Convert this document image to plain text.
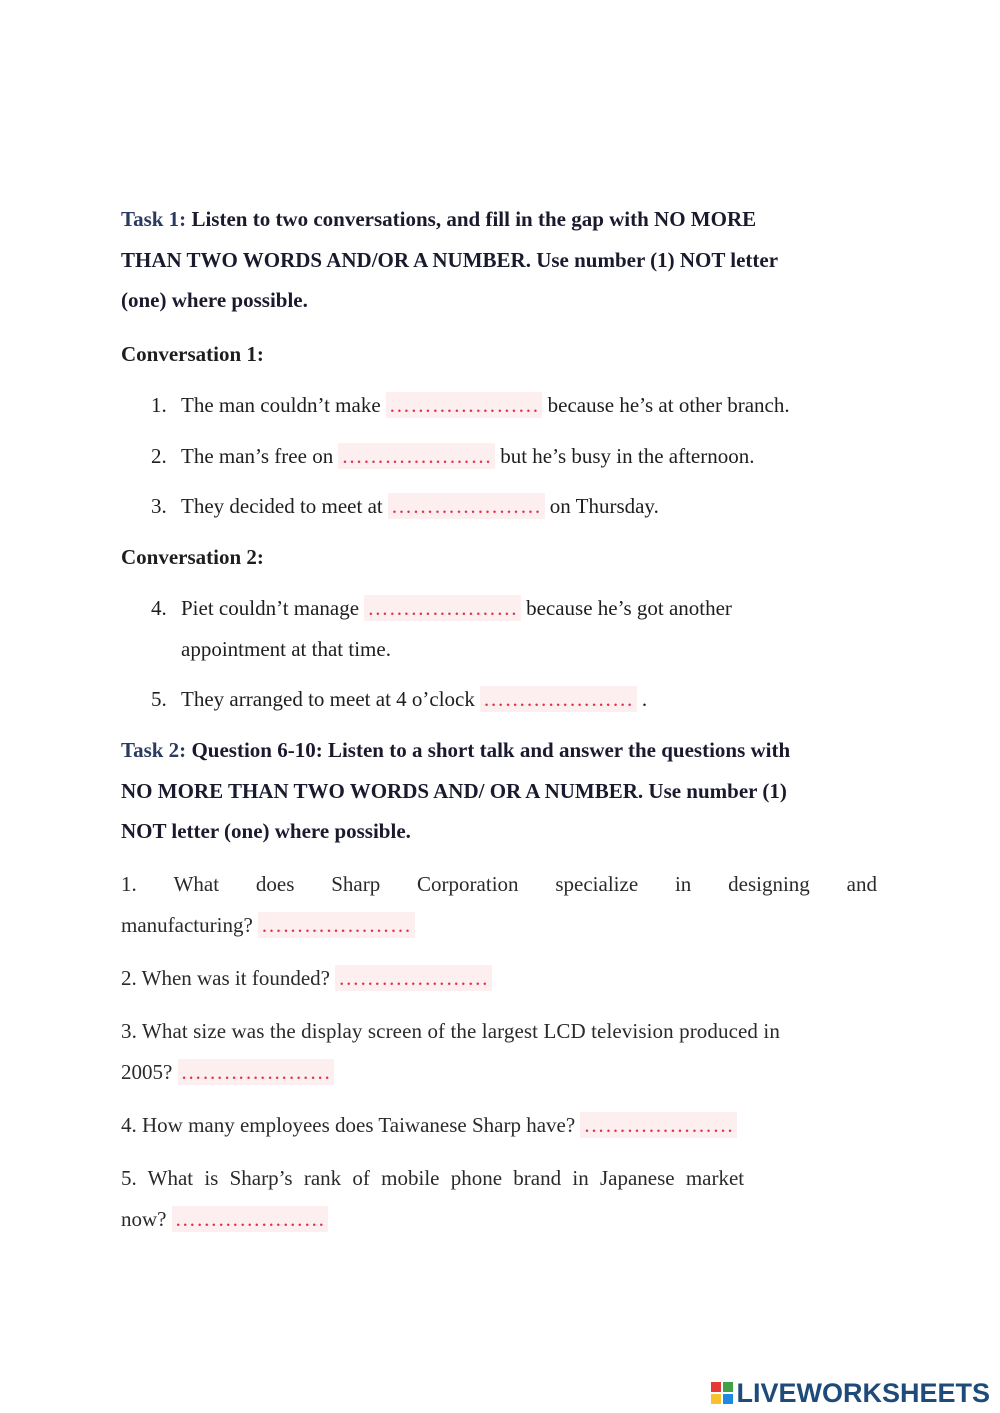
Task 1: Listen to two conversations, and fill in the gap with NO MORE
THAN TWO WORDS AND/OR A NUMBER. Use number (1) NOT letter
(one) where possible.
Conversation 1:
1. The man couldn’t make ………………… because he’s at other branch.
2. The man’s free on ………………… but he’s busy in the afternoon.
3. They decided to meet at ………………… on Thursday.
Conversation 2:
4. Piet couldn’t manage ………………… because he’s got another
appointment at that time.
5. They arranged to meet at 4 o’clock ………………… .
Task 2: Question 6-10: Listen to a short talk and answer the questions with
NO MORE THAN TWO WORDS AND/ OR A NUMBER. Use number (1)
NOT letter (one) where possible.
1. What does Sharp Corporation specialize in designing and
manufacturing? …………………
2. When was it founded? …………………
3. What size was the display screen of the largest LCD television produced in
2005? …………………
4. How many employees does Taiwanese Sharp have? …………………
5. What is Sharp’s rank of mobile phone brand in Japanese market
now? …………………
LIVEWORKSHEETS
